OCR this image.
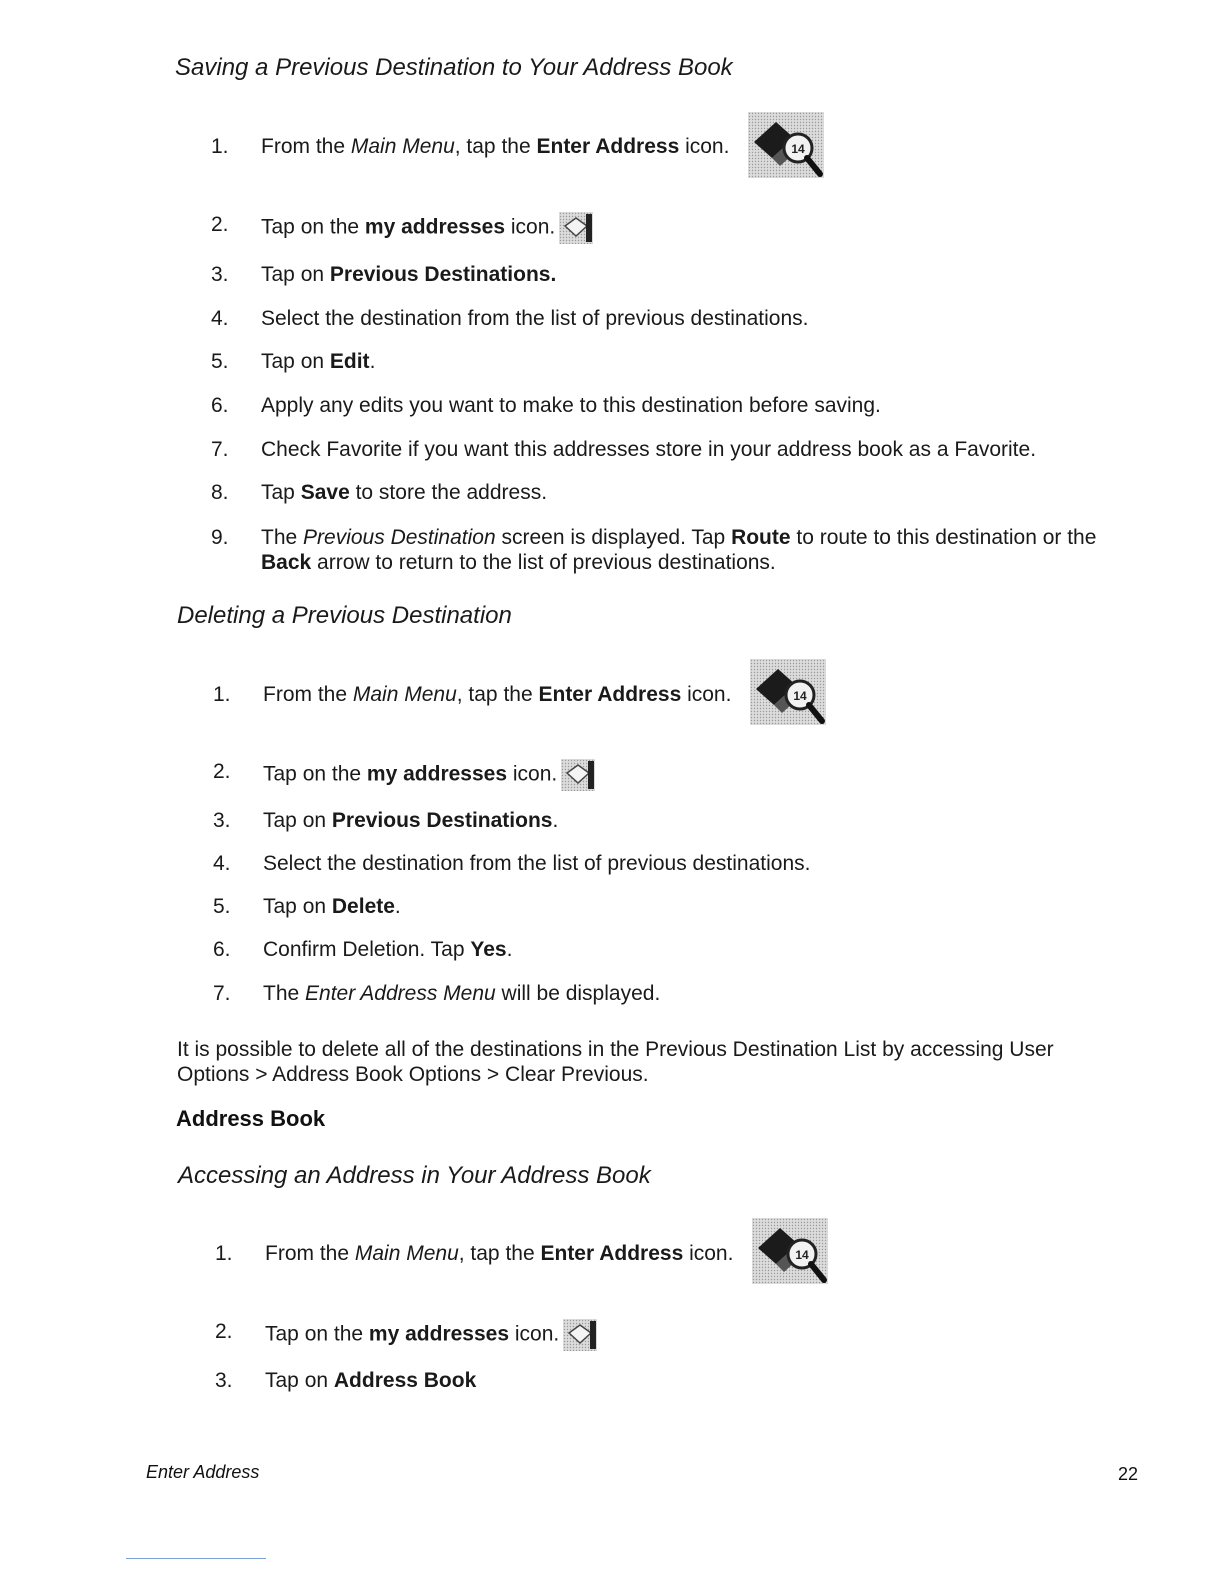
Saving a Previous Destination to Your Address Book
1.	From the Main Menu, tap the Enter Address icon.	14
2.	Tap on the my addresses icon.
3.	Tap on Previous Destinations.
4.	Select the destination from the list of previous destinations.
5.	Tap on Edit.
6.	Apply any edits you want to make to this destination before saving.
7.	Check Favorite if you want this addresses store in your address book as a Favorite.
8.	Tap Save to store the address.
9.	The Previous Destination screen is displayed. Tap Route to route to this destination or the Back arrow to return to the list of previous destinations.
Deleting a Previous Destination
1.	From the Main Menu, tap the Enter Address icon.	14
2.	Tap on the my addresses icon.
3.	Tap on Previous Destinations.
4.	Select the destination from the list of previous destinations.
5.	Tap on Delete.
6.	Confirm Deletion. Tap Yes.
7.	The Enter Address Menu will be displayed.
It is possible to delete all of the destinations in the Previous Destination List by accessing User Options > Address Book Options > Clear Previous.
Address Book
Accessing an Address in Your Address Book
1.	From the Main Menu, tap the Enter Address icon.	14
2.	Tap on the my addresses icon.
3.	Tap on Address Book
Enter Address	22
